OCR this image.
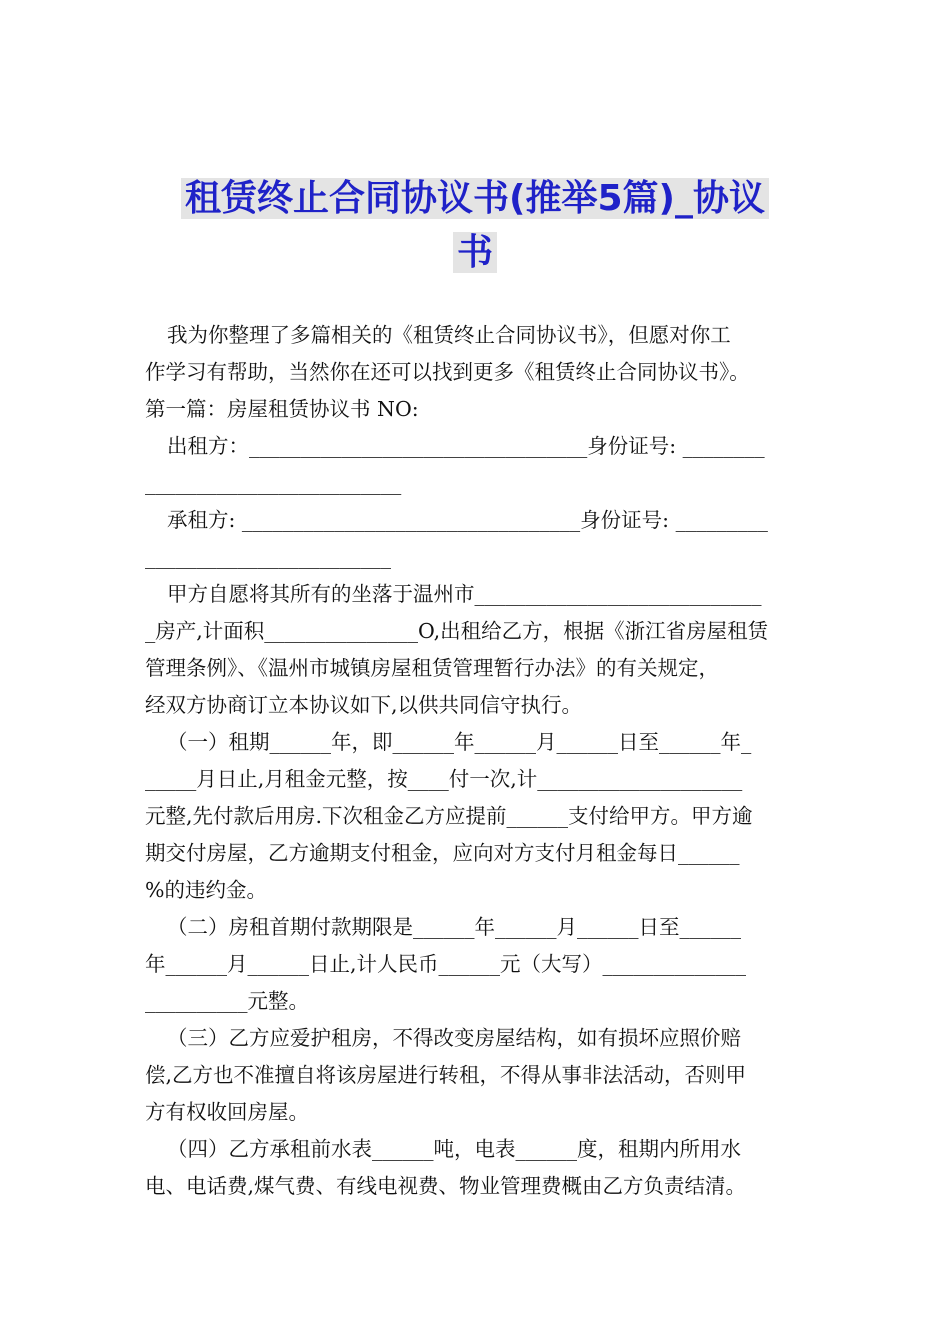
租赁终止合同协议书(推举5篇)_协议
书
我为你整理了多篇相关的《租赁终止合同协议书》，但愿对你工
作学习有帮助，当然你在还可以找到更多《租赁终止合同协议书》。
第一篇：房屋租赁协议书 NO:
出租方：_________________________________身份证号: ________
_________________________
承租方: _________________________________身份证号: _________
________________________
甲方自愿将其所有的坐落于温州市____________________________
_房产,计面积_______________O,出租给乙方，根据《浙江省房屋租赁
管理条例》、《温州市城镇房屋租赁管理暂行办法》的有关规定，
经双方协商订立本协议如下,以供共同信守执行。
（一）租期______年，即______年______月______日至______年_
_____月日止,月租金元整，按____付一次,计____________________
元整,先付款后用房.下次租金乙方应提前______支付给甲方。甲方逾
期交付房屋，乙方逾期支付租金，应向对方支付月租金每日______
%的违约金。
（二）房租首期付款期限是______年______月______日至______
年______月______日止,计人民币______元（大写）______________
__________元整。
（三）乙方应爱护租房，不得改变房屋结构，如有损坏应照价赔
偿,乙方也不准擅自将该房屋进行转租，不得从事非法活动，否则甲
方有权收回房屋。
（四）乙方承租前水表______吨，电表______度，租期内所用水
电、电话费,煤气费、有线电视费、物业管理费概由乙方负责结清。
